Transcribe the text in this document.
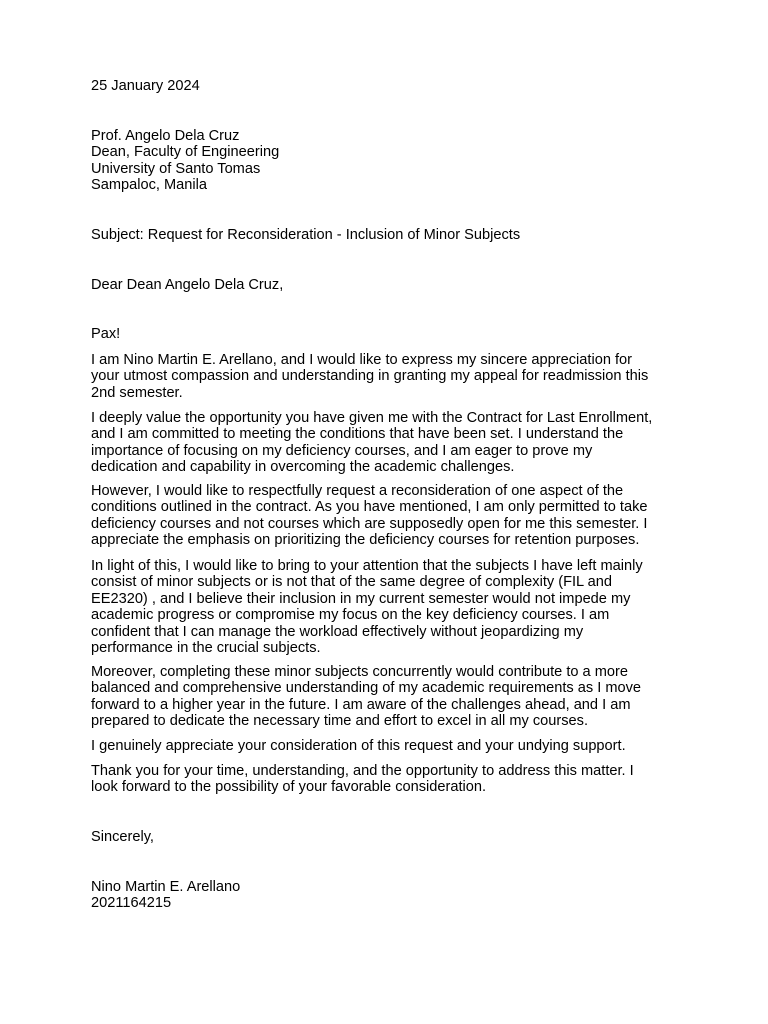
25 January 2024
Prof. Angelo Dela Cruz
Dean, Faculty of Engineering
University of Santo Tomas
Sampaloc, Manila
Subject: Request for Reconsideration - Inclusion of Minor Subjects
Dear Dean Angelo Dela Cruz,
Pax!
I am Nino Martin E. Arellano, and I would like to express my sincere appreciation for
your utmost compassion and understanding in granting my appeal for readmission this
2nd semester.
I deeply value the opportunity you have given me with the Contract for Last Enrollment,
and I am committed to meeting the conditions that have been set. I understand the
importance of focusing on my deficiency courses, and I am eager to prove my
dedication and capability in overcoming the academic challenges.
However, I would like to respectfully request a reconsideration of one aspect of the
conditions outlined in the contract. As you have mentioned, I am only permitted to take
deficiency courses and not courses which are supposedly open for me this semester. I
appreciate the emphasis on prioritizing the deficiency courses for retention purposes.
In light of this, I would like to bring to your attention that the subjects I have left mainly
consist of minor subjects or is not that of the same degree of complexity (FIL and
EE2320) , and I believe their inclusion in my current semester would not impede my
academic progress or compromise my focus on the key deficiency courses. I am
confident that I can manage the workload effectively without jeopardizing my
performance in the crucial subjects.
Moreover, completing these minor subjects concurrently would contribute to a more
balanced and comprehensive understanding of my academic requirements as I move
forward to a higher year in the future. I am aware of the challenges ahead, and I am
prepared to dedicate the necessary time and effort to excel in all my courses.
I genuinely appreciate your consideration of this request and your undying support.
Thank you for your time, understanding, and the opportunity to address this matter. I
look forward to the possibility of your favorable consideration.
Sincerely,
Nino Martin E. Arellano
2021164215
